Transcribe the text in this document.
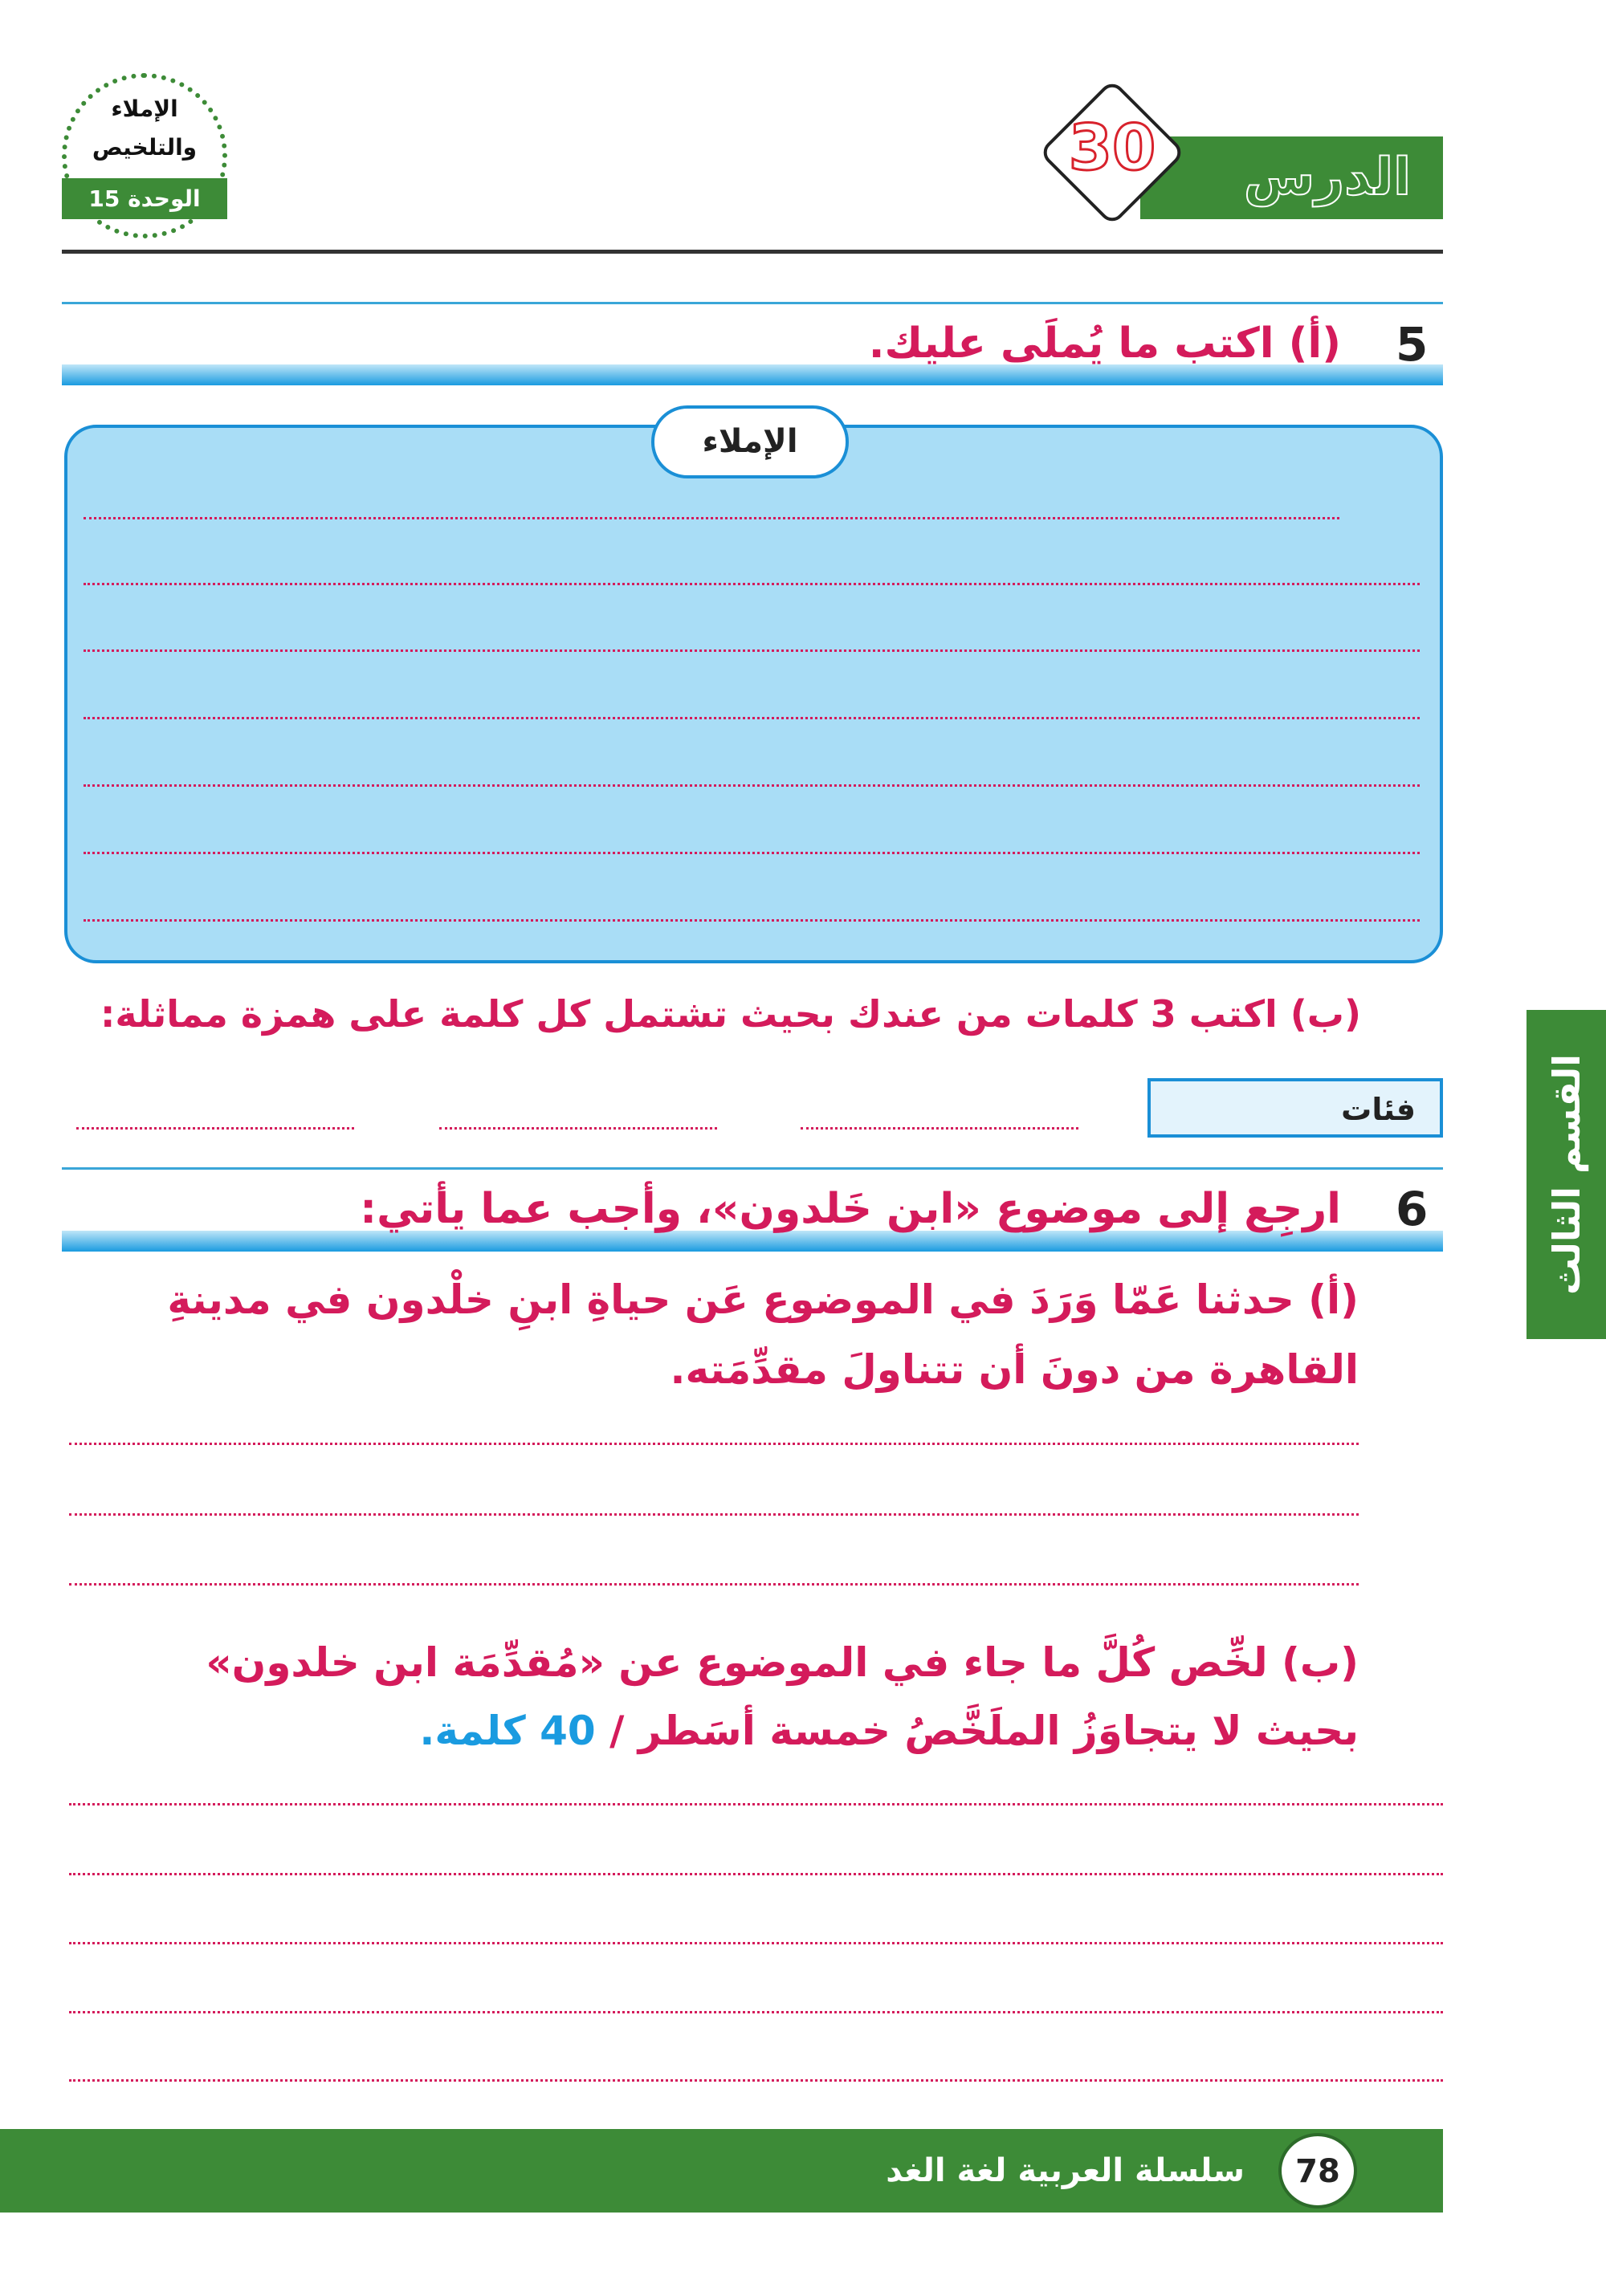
الإملاء
والتلخيص
الوحدة 15	الدرس
30
5
(أ) اكتب ما يُملَى عليك.
الإملاء
(ب) اكتب 3 كلمات من عندك بحيث تشتمل كل كلمة على همزة مماثلة:
فئات
6
ارجِع إلى موضوع «ابن خَلدون»، وأجب عما يأتي:
(أ) حدثنا عَمّا وَرَدَ في الموضوع عَن حياةِ ابنِ خلْدون في مدينةِ
القاهرة من دونَ أن تتناولَ مقدِّمَته.
(ب) لخِّص كُلَّ ما جاء في الموضوع عن «مُقدِّمَة ابن خلدون»
بحيث لا يتجاوَزُ الملَخَّصُ خمسة أسَطر / 40 كلمة.
القسم الثالث
سلسلة العربية لغة الغد	78
